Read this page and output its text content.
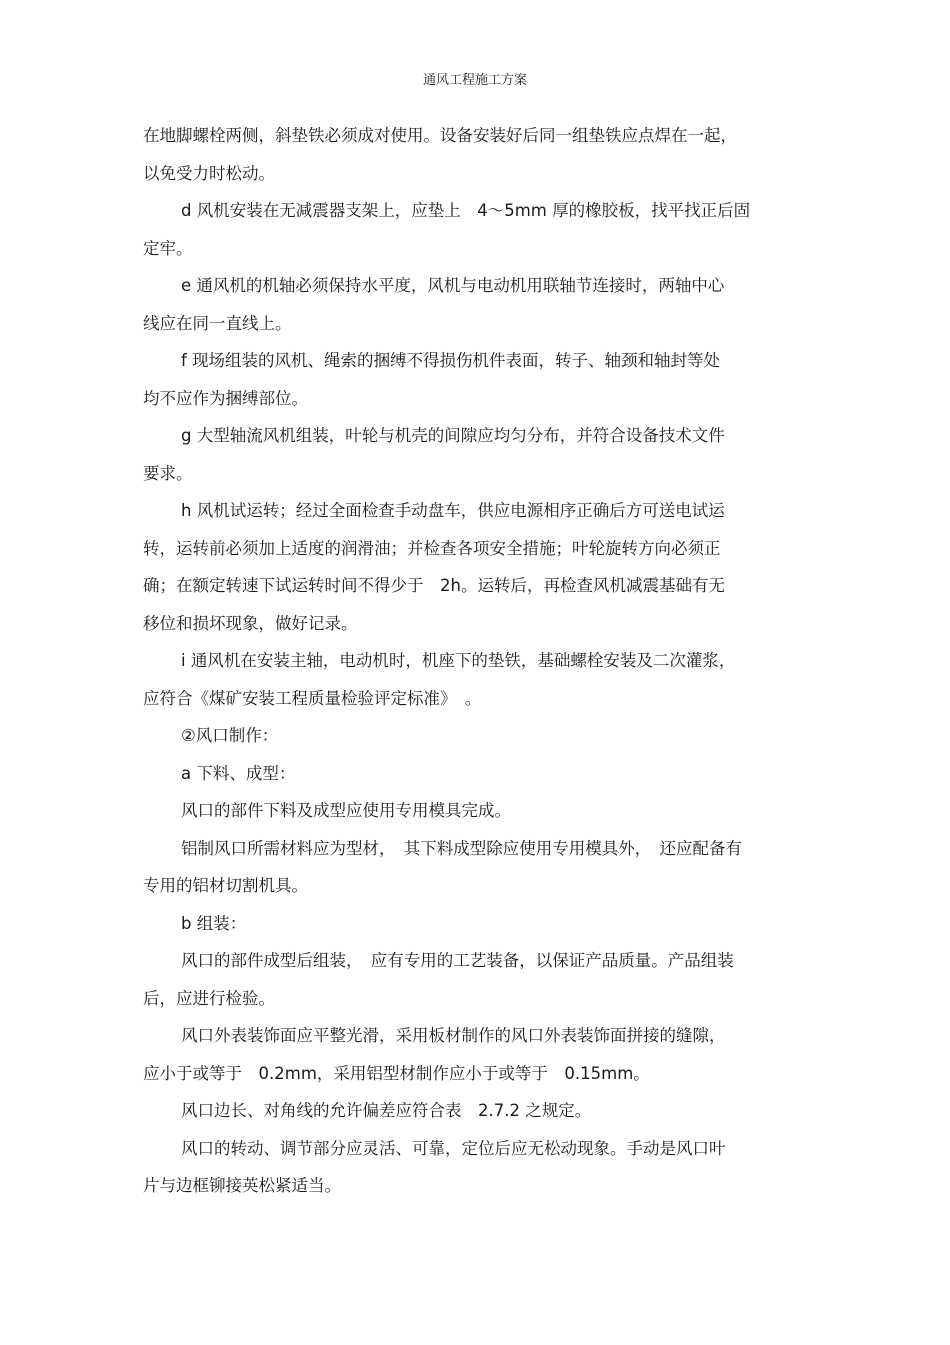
通风工程施工方案
在地脚螺栓两侧，斜垫铁必须成对使用。设备安装好后同一组垫铁应点焊在一起，
以免受力时松动。
d 风机安装在无减震器支架上，应垫上　4～5mm 厚的橡胶板，找平找正后固
定牢。
e 通风机的机轴必须保持水平度，风机与电动机用联轴节连接时，两轴中心
线应在同一直线上。
f 现场组装的风机、绳索的捆缚不得损伤机件表面，转子、轴颈和轴封等处
均不应作为捆缚部位。
g 大型轴流风机组装，叶轮与机壳的间隙应均匀分布，并符合设备技术文件
要求。
h 风机试运转；经过全面检查手动盘车，供应电源相序正确后方可送电试运
转，运转前必须加上适度的润滑油；并检查各项安全措施；叶轮旋转方向必须正
确；在额定转速下试运转时间不得少于　2h。运转后，再检查风机减震基础有无
移位和损坏现象，做好记录。
i 通风机在安装主轴，电动机时，机座下的垫铁，基础螺栓安装及二次灌浆，
应符合《煤矿安装工程质量检验评定标准》　。
②风口制作：
a 下料、成型：
风口的部件下料及成型应使用专用模具完成。
铝制风口所需材料应为型材，　其下料成型除应使用专用模具外，　还应配备有
专用的铝材切割机具。
b 组装：
风口的部件成型后组装，　应有专用的工艺装备，以保证产品质量。产品组装
后，应进行检验。
风口外表装饰面应平整光滑，采用板材制作的风口外表装饰面拼接的缝隙，
应小于或等于　0.2mm，采用铝型材制作应小于或等于　0.15mm。
风口边长、对角线的允许偏差应符合表　2.7.2 之规定。
风口的转动、调节部分应灵活、可靠，定位后应无松动现象。手动是风口叶
片与边框铆接英松紧适当。
